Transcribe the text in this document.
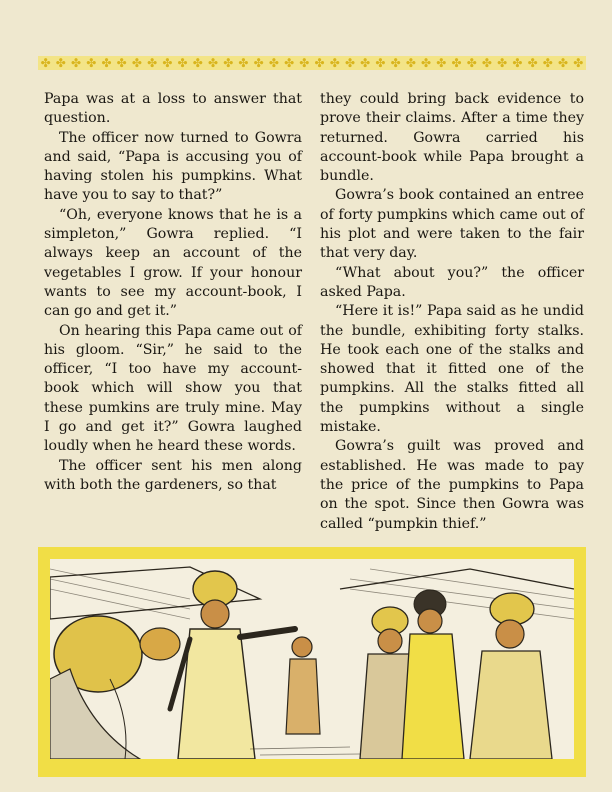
✤ ✤ ✤ ✤ ✤ ✤ ✤ ✤ ✤ ✤ ✤ ✤ ✤ ✤ ✤ ✤ ✤ ✤ ✤ ✤ ✤ ✤ ✤ ✤ ✤ ✤ ✤ ✤ ✤ ✤ ✤ ✤ ✤ ✤ ✤ ✤

Papa was at a loss to answer that question.

The officer now turned to Gowra and said, “Papa is accusing you of having stolen his pumpkins. What have you to say to that?”

“Oh, everyone knows that he is a simpleton,” Gowra replied. “I always keep an account of the vegetables I grow. If your honour wants to see my account-book, I can go and get it.”

On hearing this Papa came out of his gloom. “Sir,” he said to the officer, “I too have my account-book which will show you that these pumkins are truly mine. May I go and get it?” Gowra laughed loudly when he heard these words.

The officer sent his men along with both the gardeners, so that

they could bring back evidence to prove their claims. After a time they returned. Gowra carried his account-book while Papa brought a bundle.

Gowra’s book contained an entree of forty pumpkins which came out of his plot and were taken to the fair that very day.

“What about you?” the officer asked Papa.

“Here it is!” Papa said as he undid the bundle, exhibiting forty stalks. He took each one of the stalks and showed that it fitted one of the pumpkins. All the stalks fitted all the pumpkins without a single mistake.

Gowra’s guilt was proved and established. He was made to pay the price of the pumpkins to Papa on the spot. Since then Gowra was called “pumpkin thief.”
